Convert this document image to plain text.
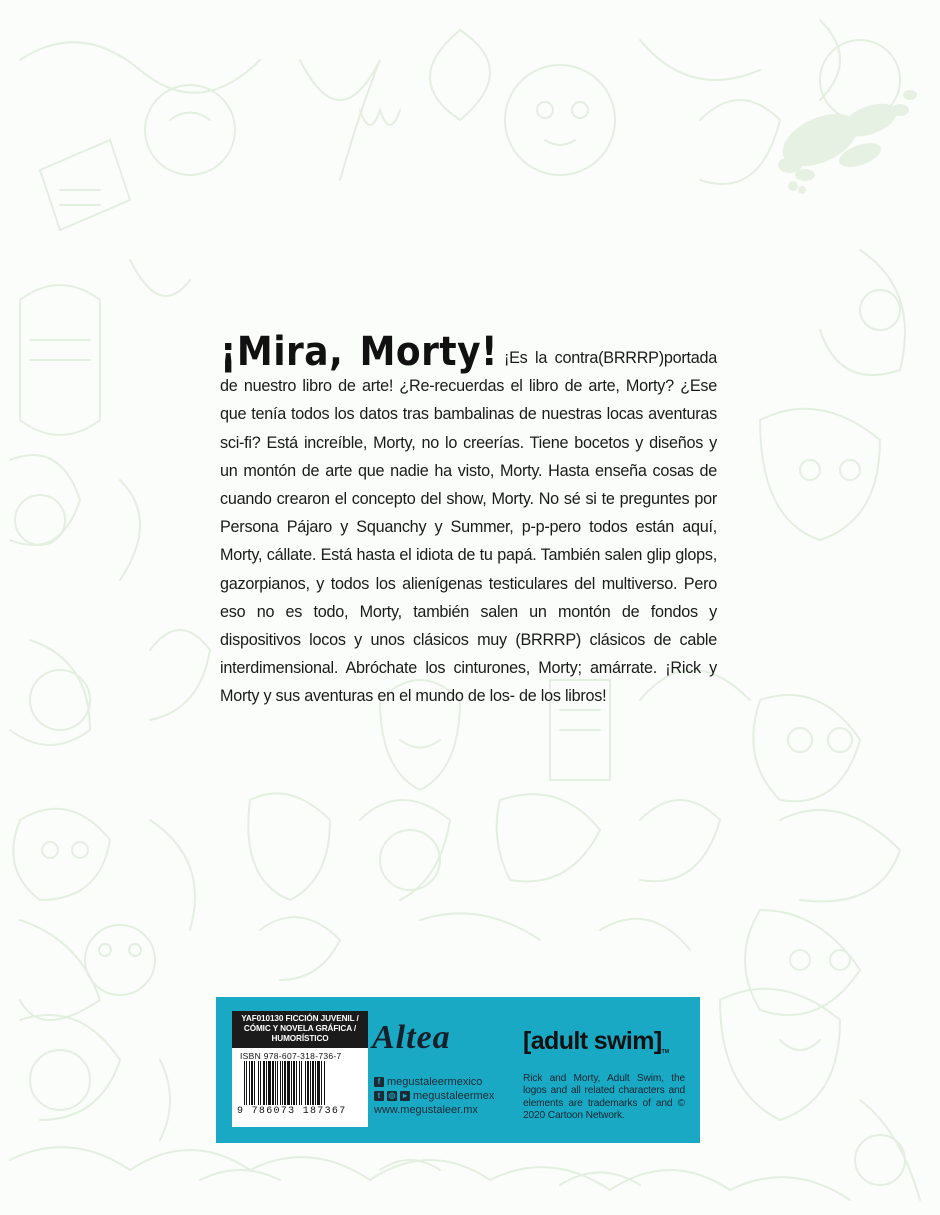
¡Mira, Morty! ¡Es la contra(BRRRP)portada de nuestro libro de arte! ¿Re-recuerdas el libro de arte, Morty? ¿Ese que tenía todos los datos tras bambalinas de nuestras locas aventuras sci-fi? Está increíble, Morty, no lo creerías. Tiene bocetos y diseños y un montón de arte que nadie ha visto, Morty. Hasta enseña cosas de cuando crearon el concepto del show, Morty. No sé si te preguntes por Persona Pájaro y Squanchy y Summer, p-p-pero todos están aquí, Morty, cállate. Está hasta el idiota de tu papá. También salen glip glops, gazorpianos, y todos los alienígenas testiculares del multiverso. Pero eso no es todo, Morty, también salen un montón de fondos y dispositivos locos y unos clásicos muy (BRRRP) clásicos de cable interdimensional. Abróchate los cinturones, Morty; amárrate. ¡Rick y Morty y sus aventuras en el mundo de los- de los libros!
YAF010130 FICCIÓN JUVENIL / CÓMIC Y NOVELA GRÁFICA / HUMORÍSTICO
ISBN 978-607-318-736-7
9 786073 187367
Altea
f megustaleermexico
t	◎ ▸ megustaleermex
www.megustaleer.mx
[adult swim]TM
Rick and Morty, Adult Swim, the logos and all related characters and elements are trademarks of and © 2020 Cartoon Network.
